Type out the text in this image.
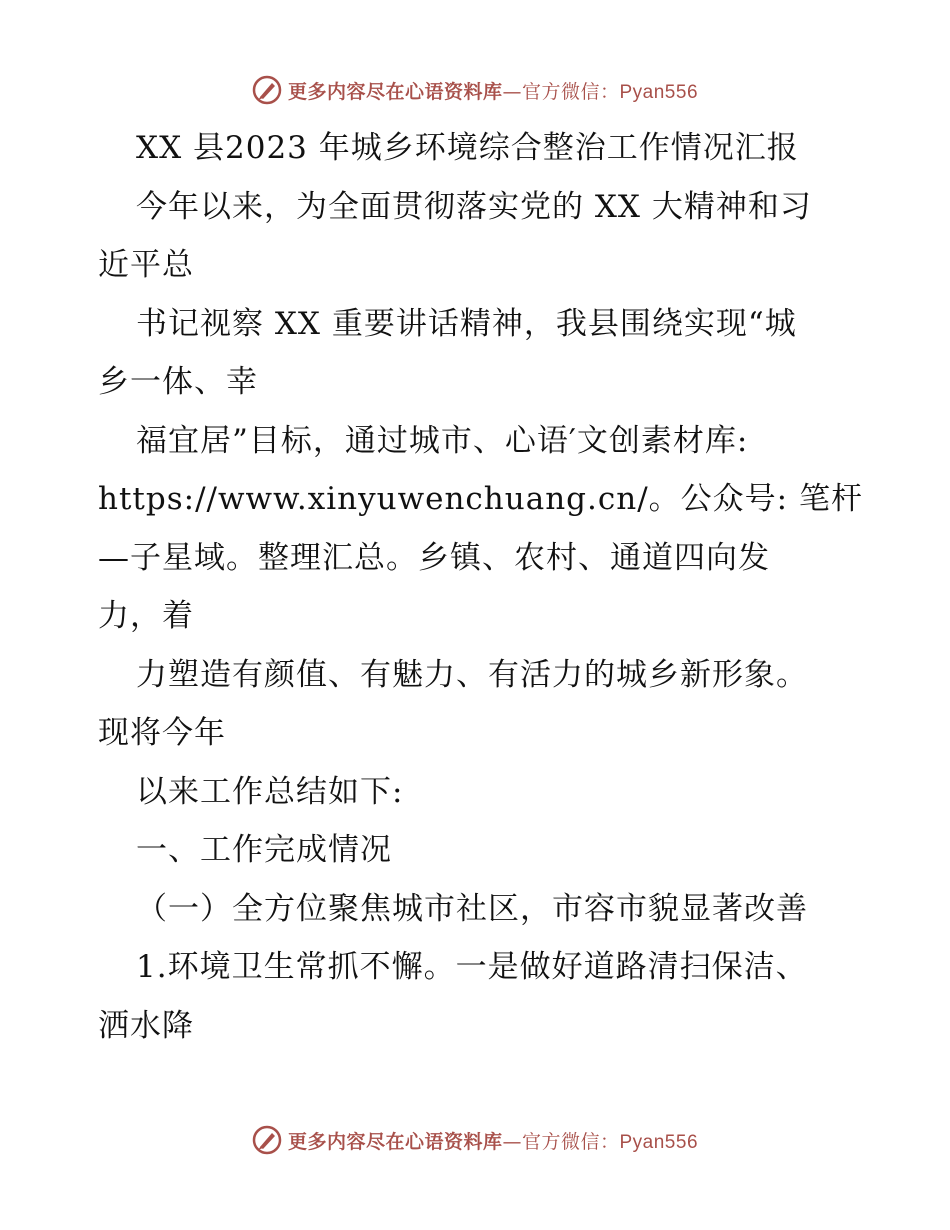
更多内容尽在心语资料库—官方微信：Pyan556
XX 县2023 年城乡环境综合整治工作情况汇报
今年以来，为全面贯彻落实党的 XX 大精神和习
近平总
书记视察 XX 重要讲话精神，我县围绕实现“城
乡一体、幸
福宜居”目标，通过城市、心语′文创素材库:
https://www.xinyuwenchuang.cn/。公众号: 笔杆
—子星域。整理汇总。乡镇、农村、通道四向发
力，着
力塑造有颜值、有魅力、有活力的城乡新形象。
现将今年
以来工作总结如下:
一、工作完成情况
（一）全方位聚焦城市社区，市容市貌显著改善
1.环境卫生常抓不懈。一是做好道路清扫保洁、
洒水降
更多内容尽在心语资料库—官方微信：Pyan556
